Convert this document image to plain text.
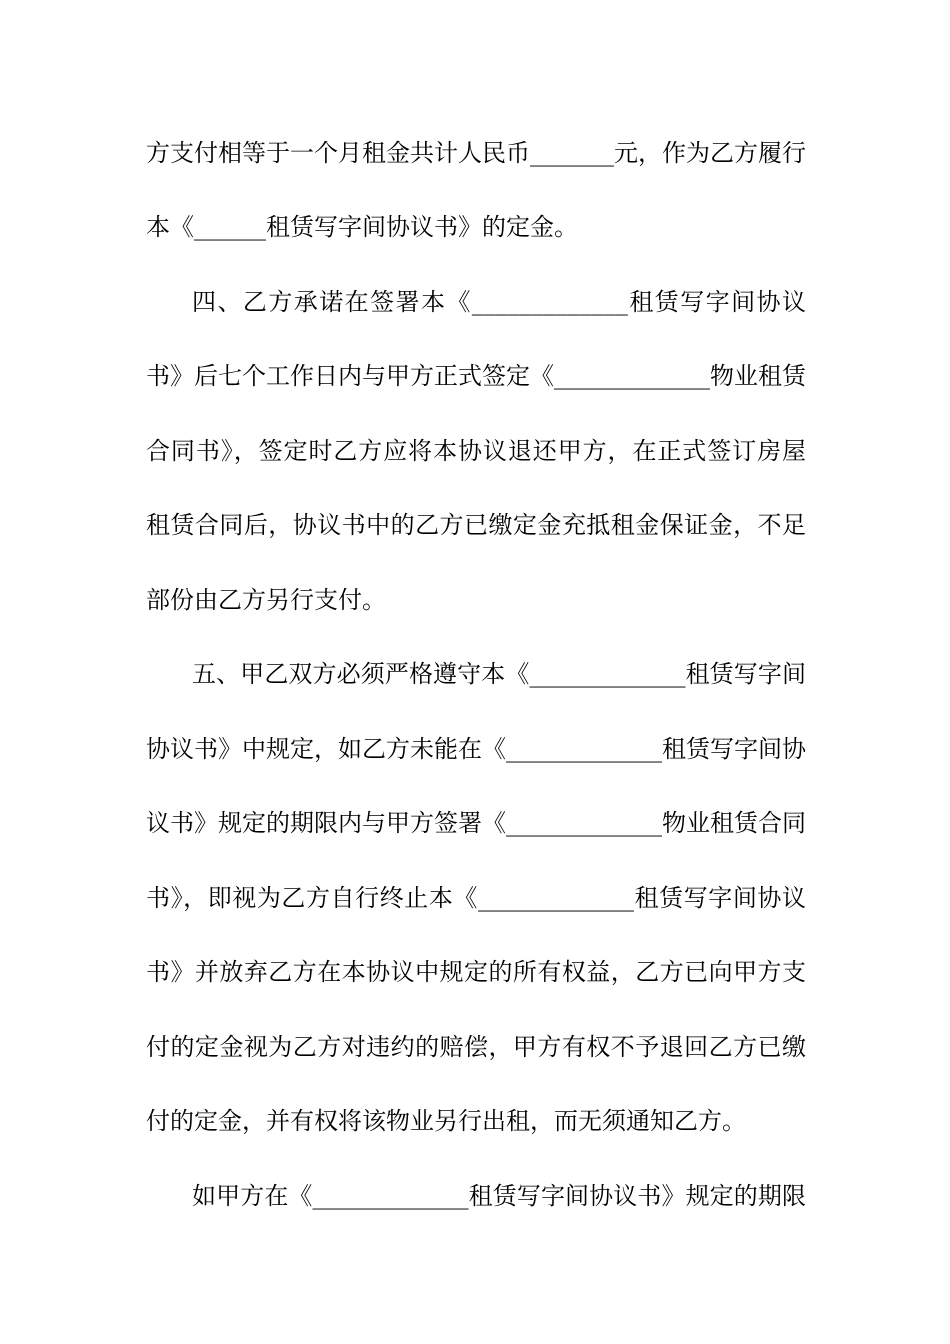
方支付相等于一个月租金共计人民币_______元，作为乙方履行
本《______租赁写字间协议书》的定金。
四、乙方承诺在签署本《_____________租赁写字间协议
书》后七个工作日内与甲方正式签定《_____________物业租赁
合同书》，签定时乙方应将本协议退还甲方，在正式签订房屋
租赁合同后，协议书中的乙方已缴定金充抵租金保证金，不足
部份由乙方另行支付。
五、甲乙双方必须严格遵守本《_____________租赁写字间
协议书》中规定，如乙方未能在《_____________租赁写字间协
议书》规定的期限内与甲方签署《_____________物业租赁合同
书》，即视为乙方自行终止本《_____________租赁写字间协议
书》并放弃乙方在本协议中规定的所有权益，乙方已向甲方支
付的定金视为乙方对违约的赔偿，甲方有权不予退回乙方已缴
付的定金，并有权将该物业另行出租，而无须通知乙方。
如甲方在《_____________租赁写字间协议书》规定的期限
